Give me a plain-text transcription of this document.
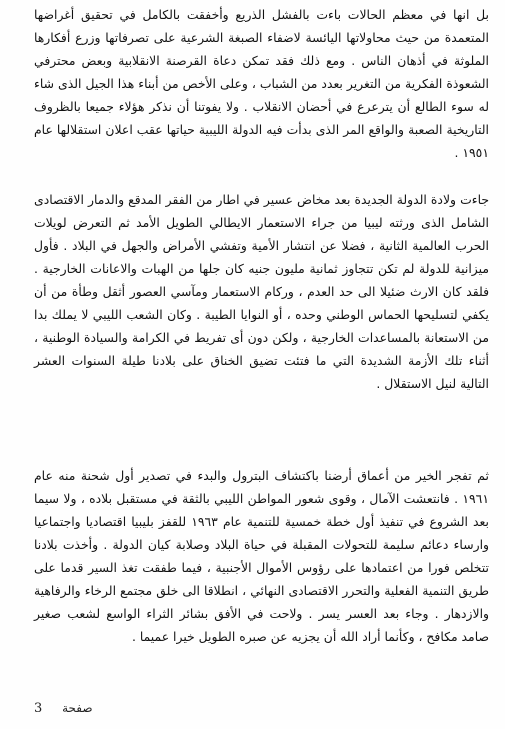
بل انها في معظم الحالات باءت بالفشل الذريع وأخفقت بالكامل في تحقيق أغراضها المتعمدة من حيث محاولاتها اليائسة لاضفاء الصبغة الشرعية على تصرفاتها وزرع أفكارها الملوثة في أذهان الناس . ومع ذلك فقد تمكن دعاة القرصنة الانقلابية وبعض محترفي الشعوذة الفكرية من التغرير بعدد من الشباب ، وعلى الأخص من أبناء هذا الجيل الذى شاء له سوء الطالع أن يترعرع في أحضان الانقلاب . ولا يفوتنا أن نذكر هؤلاء جميعا بالظروف التاريخية الصعبة والواقع المر الذى بدأت فيه الدولة الليبية حياتها عقب اعلان استقلالها عام ١٩٥١ .

جاءت ولادة الدولة الجديدة بعد مخاض عسير في اطار من الفقر المدقع والدمار الاقتصادى الشامل الذى ورثته ليبيا من جراء الاستعمار الايطالي الطويل الأمد ثم التعرض لويلات الحرب العالمية الثانية ، فضلا عن انتشار الأمية وتفشي الأمراض والجهل في البلاد . فأول ميزانية للدولة لم تكن تتجاوز ثمانية مليون جنيه كان جلها من الهبات والاعانات الخارجية . فلقد كان الارث ضئيلا الى حد العدم ، وركام الاستعمار ومآسي العصور أثقل وطأة من أن يكفي لتسليحها الحماس الوطني وحده ، أو النوايا الطيبة . وكان الشعب الليبي لا يملك بدا من الاستعانة بالمساعدات الخارجية ، ولكن دون أى تفريط في الكرامة والسيادة الوطنية ، أثناء تلك الأزمة الشديدة التي ما فتئت تضيق الخناق على بلادنا طيلة السنوات العشر التالية لنيل الاستقلال .

ثم تفجر الخير من أعماق أرضنا باكتشاف البترول والبدء في تصدير أول شحنة منه عام ١٩٦١ . فانتعشت الآمال ، وقوى شعور المواطن الليبي بالثقة في مستقبل بلاده ، ولا سيما بعد الشروع في تنفيذ أول خطة خمسية للتنمية عام ١٩٦٣ للقفز بليبيا اقتصاديا واجتماعيا وارساء دعائم سليمة للتحولات المقبلة في حياة البلاد وصلابة كيان الدولة . وأخذت بلادنا تتخلص فورا من اعتمادها على رؤوس الأموال الأجنبية ، فيما طفقت تغذ السير قدما على طريق التنمية الفعلية والتحرر الاقتصادى النهائي ، انطلاقا الى خلق مجتمع الرخاء والرفاهية والازدهار . وجاء بعد العسر يسر . ولاحت في الأفق بشائر الثراء الواسع لشعب صغير صامد مكافح ، وكأنما أراد الله أن يجزيه عن صبره الطويل خيرا عميما .

صفحة 3
